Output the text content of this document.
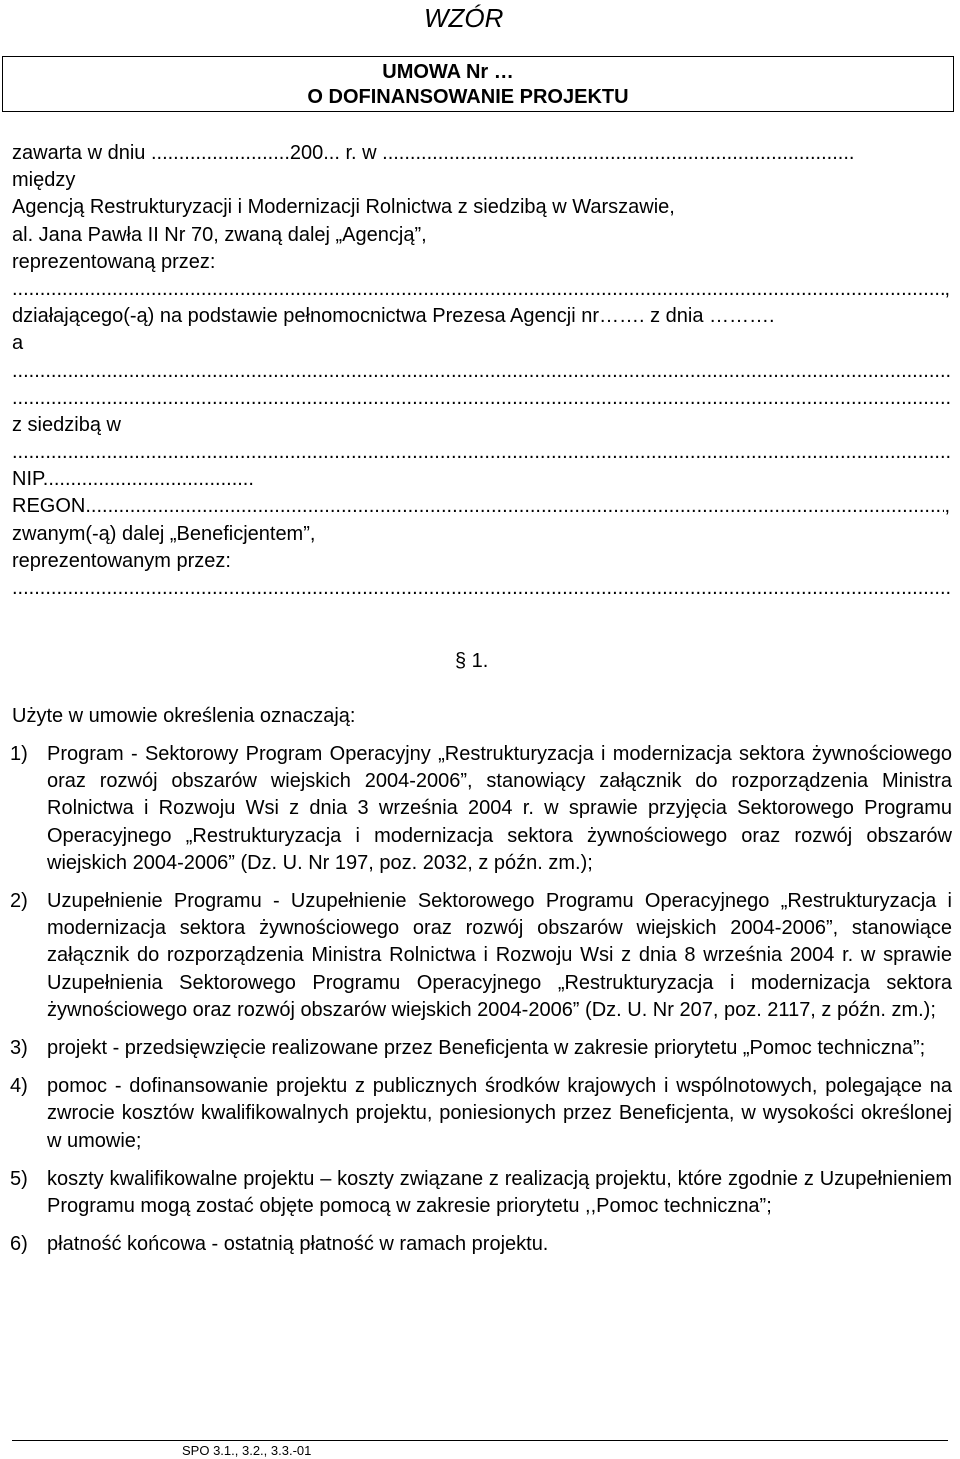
WZÓR
UMOWA Nr …
O DOFINANSOWANIE PROJEKTU
zawarta w dniu .........................200... r. w .....................................................................................
między
Agencją Restrukturyzacji i Modernizacji Rolnictwa z siedzibą w Warszawie,
al. Jana Pawła II Nr 70, zwaną dalej „Agencją”,
reprezentowaną przez:
.....
,
działającego(-ą) na podstawie pełnomocnictwa Prezesa Agencji nr……. z dnia ……….
a
.....
.....
z siedzibą w
.....
NIP......................................
REGON
.....	,
zwanym(-ą) dalej „Beneficjentem”,
reprezentowanym przez:
.....
§ 1.
Użyte w umowie określenia oznaczają:
1) Program - Sektorowy Program Operacyjny „Restrukturyzacja i modernizacja sektora żywnościowego oraz rozwój obszarów wiejskich 2004-2006”, stanowiący załącznik do rozporządzenia Ministra Rolnictwa i Rozwoju Wsi z dnia 3 września 2004 r. w sprawie przyjęcia Sektorowego Programu Operacyjnego „Restrukturyzacja i modernizacja sektora żywnościowego oraz rozwój obszarów wiejskich 2004-2006” (Dz. U. Nr 197, poz. 2032, z późn. zm.);
2) Uzupełnienie Programu - Uzupełnienie Sektorowego Programu Operacyjnego „Restrukturyzacja i modernizacja sektora żywnościowego oraz rozwój obszarów wiejskich 2004-2006”, stanowiące załącznik do rozporządzenia Ministra Rolnictwa i Rozwoju Wsi z dnia 8 września 2004 r. w sprawie Uzupełnienia Sektorowego Programu Operacyjnego „Restrukturyzacja i modernizacja sektora żywnościowego oraz rozwój obszarów wiejskich 2004-2006” (Dz. U. Nr 207, poz. 2117, z późn. zm.);
3) projekt - przedsięwzięcie realizowane przez Beneficjenta w zakresie priorytetu „Pomoc techniczna”;
4) pomoc - dofinansowanie projektu z publicznych środków krajowych i wspólnotowych, polegające na zwrocie kosztów kwalifikowalnych projektu, poniesionych przez Beneficjenta, w wysokości określonej w umowie;
5) koszty kwalifikowalne projektu – koszty związane z realizacją projektu, które zgodnie z Uzupełnieniem Programu mogą zostać objęte pomocą w zakresie priorytetu ,,Pomoc techniczna”;
6) płatność końcowa - ostatnią płatność w ramach projektu.
SPO 3.1., 3.2., 3.3.-01
